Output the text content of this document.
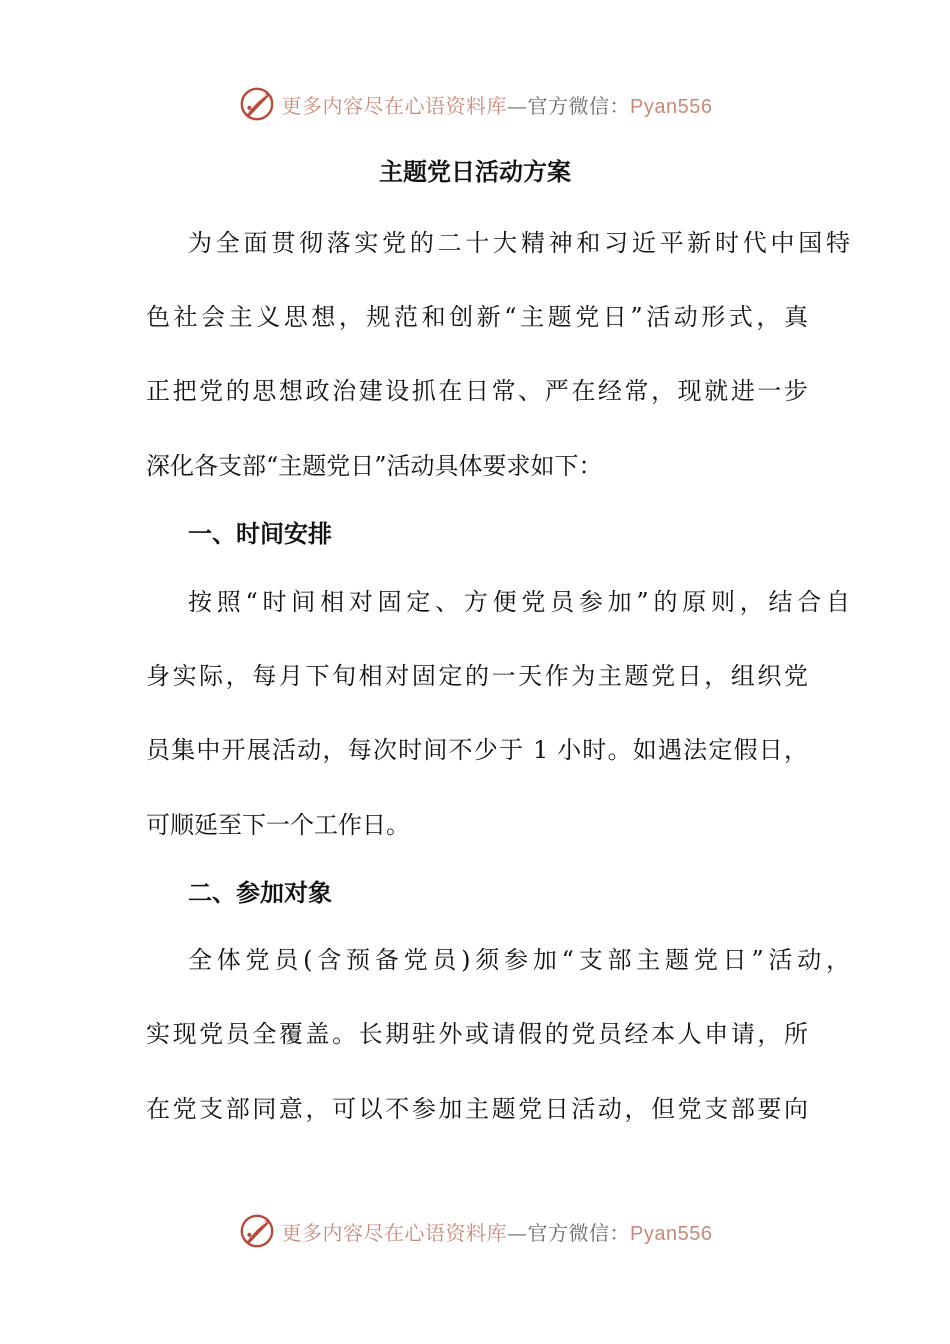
更多内容尽在心语资料库—官方微信：Pyan556
主题党日活动方案
为全面贯彻落实党的二十大精神和习近平新时代中国特
色社会主义思想，规范和创新“主题党日”活动形式，真
正把党的思想政治建设抓在日常、严在经常，现就进一步
深化各支部“主题党日”活动具体要求如下：
一、时间安排
按照“时间相对固定、方便党员参加”的原则，结合自
身实际，每月下旬相对固定的一天作为主题党日，组织党
员集中开展活动，每次时间不少于 1 小时。如遇法定假日，
可顺延至下一个工作日。
二、参加对象
全体党员(含预备党员)须参加“支部主题党日”活动，
实现党员全覆盖。长期驻外或请假的党员经本人申请，所
在党支部同意，可以不参加主题党日活动，但党支部要向
更多内容尽在心语资料库—官方微信：Pyan556
